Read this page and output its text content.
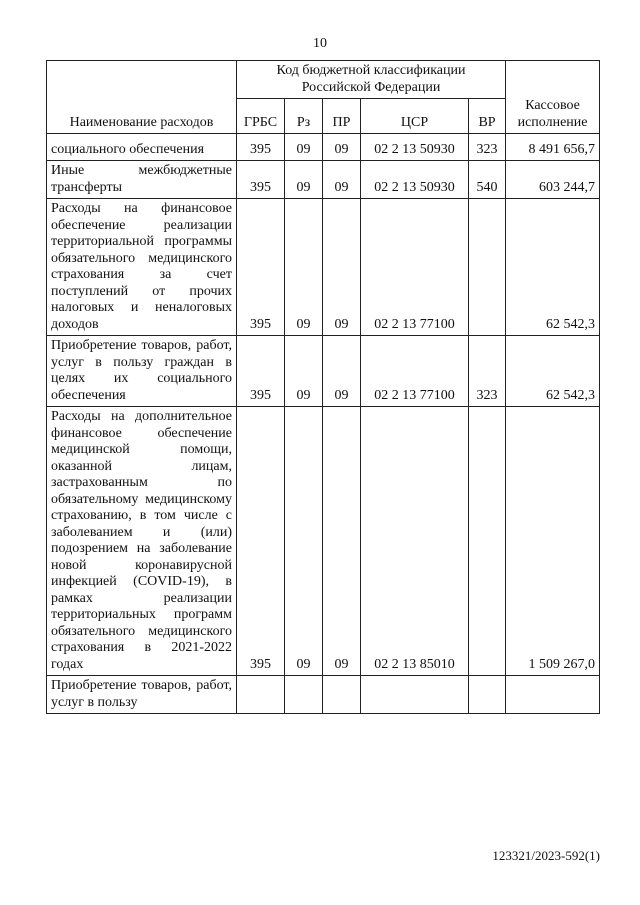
10
Наименование расходов	Код бюджетной классификации Российской Федерации					Кассовое исполнение
	ГРБС	Рз	ПР	ЦСР	ВР	
социального обеспечения	395	09	09	02 2 13 50930	323	8 491 656,7
Иные межбюджетные трансферты	395	09	09	02 2 13 50930	540	603 244,7
Расходы на финансовое обеспечение реализации территориальной программы обязательного медицинского страхования за счет поступлений от прочих налоговых и неналоговых доходов	395	09	09	02 2 13 77100		62 542,3
Приобретение товаров, работ, услуг в пользу граждан в целях их социального обеспечения	395	09	09	02 2 13 77100	323	62 542,3
Расходы на дополнительное финансовое обеспечение медицинской помощи, оказанной лицам, застрахованным по обязательному медицинскому страхованию, в том числе с заболеванием и (или) подозрением на заболевание новой коронавирусной инфекцией (COVID-19), в рамках реализации территориальных программ обязательного медицинского страхования в 2021-2022 годах	395	09	09	02 2 13 85010		1 509 267,0
Приобретение товаров, работ, услуг в пользу						
123321/2023-592(1)
